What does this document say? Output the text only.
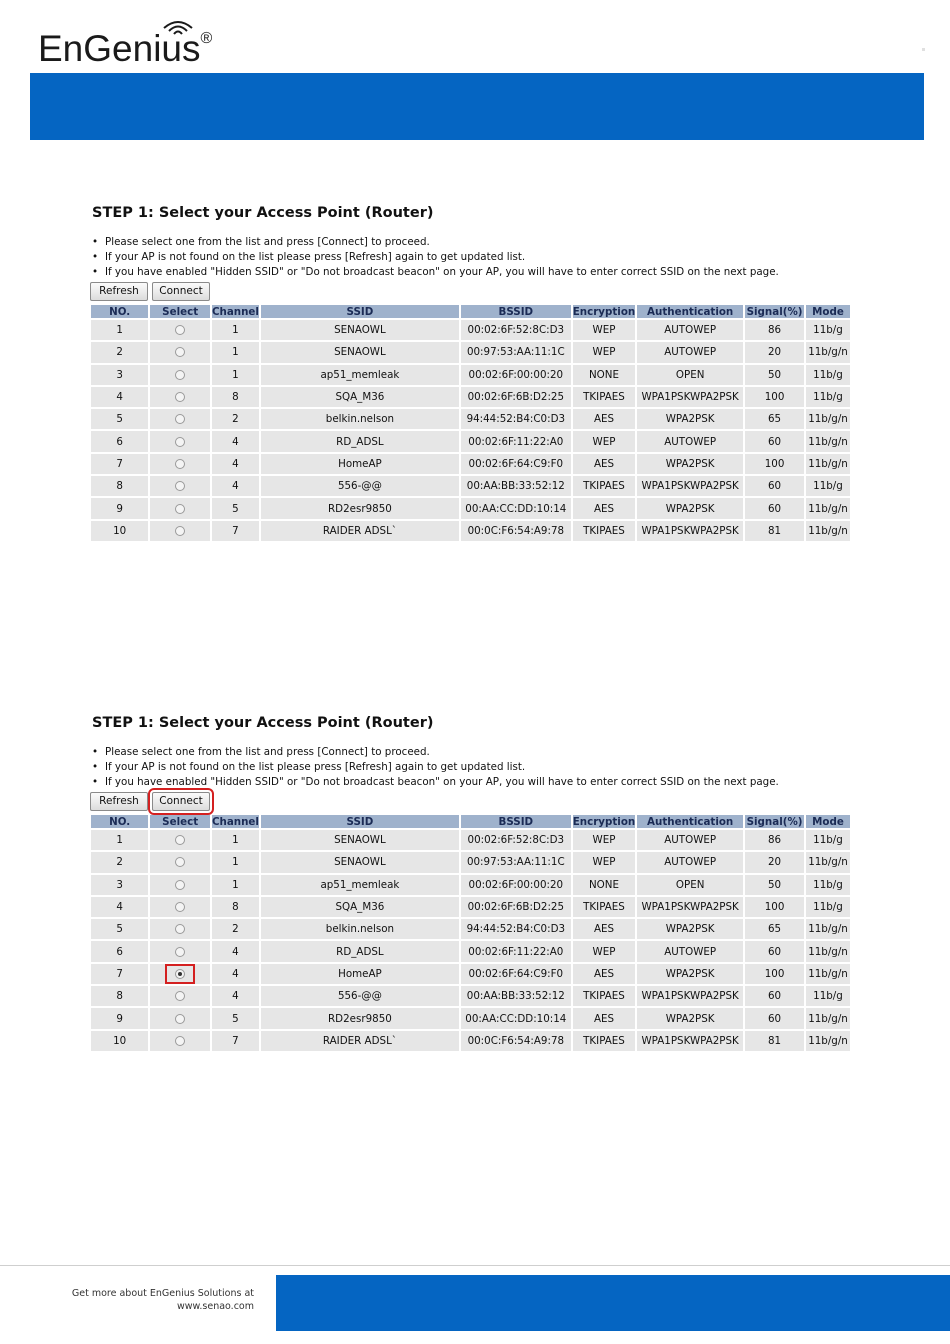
EnGenius®
STEP 1: Select your Access Point (Router)
• Please select one from the list and press [Connect] to proceed.
• If your AP is not found on the list please press [Refresh] again to get updated list.
• If you have enabled "Hidden SSID" or "Do not broadcast beacon" on your AP, you will have to enter correct SSID on the next page.
Refresh	Connect
NO.	Select	Channel	SSID	BSSID	Encryption	Authentication	Signal(%)	Mode
1		1	SENAOWL	00:02:6F:52:8C:D3	WEP	AUTOWEP	86	11b/g
2		1	SENAOWL	00:97:53:AA:11:1C	WEP	AUTOWEP	20	11b/g/n
3		1	ap51_memleak	00:02:6F:00:00:20	NONE	OPEN	50	11b/g
4		8	SQA_M36	00:02:6F:6B:D2:25	TKIPAES	WPA1PSKWPA2PSK	100	11b/g
5		2	belkin.nelson	94:44:52:B4:C0:D3	AES	WPA2PSK	65	11b/g/n
6		4	RD_ADSL	00:02:6F:11:22:A0	WEP	AUTOWEP	60	11b/g/n
7		4	HomeAP	00:02:6F:64:C9:F0	AES	WPA2PSK	100	11b/g/n
8		4	556-@@	00:AA:BB:33:52:12	TKIPAES	WPA1PSKWPA2PSK	60	11b/g
9		5	RD2esr9850	00:AA:CC:DD:10:14	AES	WPA2PSK	60	11b/g/n
10		7	RAIDER ADSL`	00:0C:F6:54:A9:78	TKIPAES	WPA1PSKWPA2PSK	81	11b/g/n
STEP 1: Select your Access Point (Router)
• Please select one from the list and press [Connect] to proceed.
• If your AP is not found on the list please press [Refresh] again to get updated list.
• If you have enabled "Hidden SSID" or "Do not broadcast beacon" on your AP, you will have to enter correct SSID on the next page.
Refresh	Connect
NO.	Select	Channel	SSID	BSSID	Encryption	Authentication	Signal(%)	Mode
1		1	SENAOWL	00:02:6F:52:8C:D3	WEP	AUTOWEP	86	11b/g
2		1	SENAOWL	00:97:53:AA:11:1C	WEP	AUTOWEP	20	11b/g/n
3		1	ap51_memleak	00:02:6F:00:00:20	NONE	OPEN	50	11b/g
4		8	SQA_M36	00:02:6F:6B:D2:25	TKIPAES	WPA1PSKWPA2PSK	100	11b/g
5		2	belkin.nelson	94:44:52:B4:C0:D3	AES	WPA2PSK	65	11b/g/n
6		4	RD_ADSL	00:02:6F:11:22:A0	WEP	AUTOWEP	60	11b/g/n
7		4	HomeAP	00:02:6F:64:C9:F0	AES	WPA2PSK	100	11b/g/n
8		4	556-@@	00:AA:BB:33:52:12	TKIPAES	WPA1PSKWPA2PSK	60	11b/g
9		5	RD2esr9850	00:AA:CC:DD:10:14	AES	WPA2PSK	60	11b/g/n
10		7	RAIDER ADSL`	00:0C:F6:54:A9:78	TKIPAES	WPA1PSKWPA2PSK	81	11b/g/n
Get more about EnGenius Solutions at
www.senao.com
